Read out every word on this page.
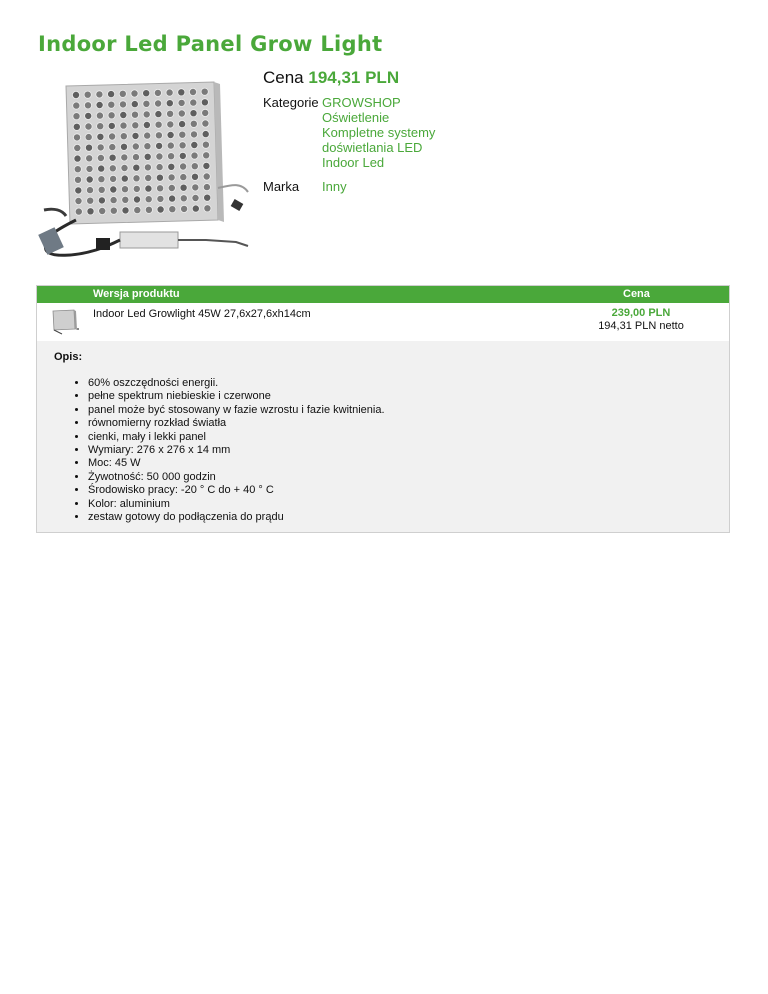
Indoor Led Panel Grow Light
Cena 194,31 PLN
Kategorie GROWSHOP
Oświetlenie
Kompletne systemy
doświetlania LED
Indoor Led
Marka	Inny
Wersja produktu	Cena
Indoor Led Growlight 45W 27,6x27,6xh14cm	239,00 PLN
194,31 PLN netto
Opis:
• 60% oszczędności energii.
• pełne spektrum niebieskie i czerwone
• panel może być stosowany w fazie wzrostu i fazie kwitnienia.
• równomierny rozkład światła
• cienki, mały i lekki panel
• Wymiary: 276 x 276 x 14 mm
• Moc: 45 W
• Żywotność: 50 000 godzin
• Środowisko pracy: -20 ° C do + 40 ° C
• Kolor: aluminium
• zestaw gotowy do podłączenia do prądu
